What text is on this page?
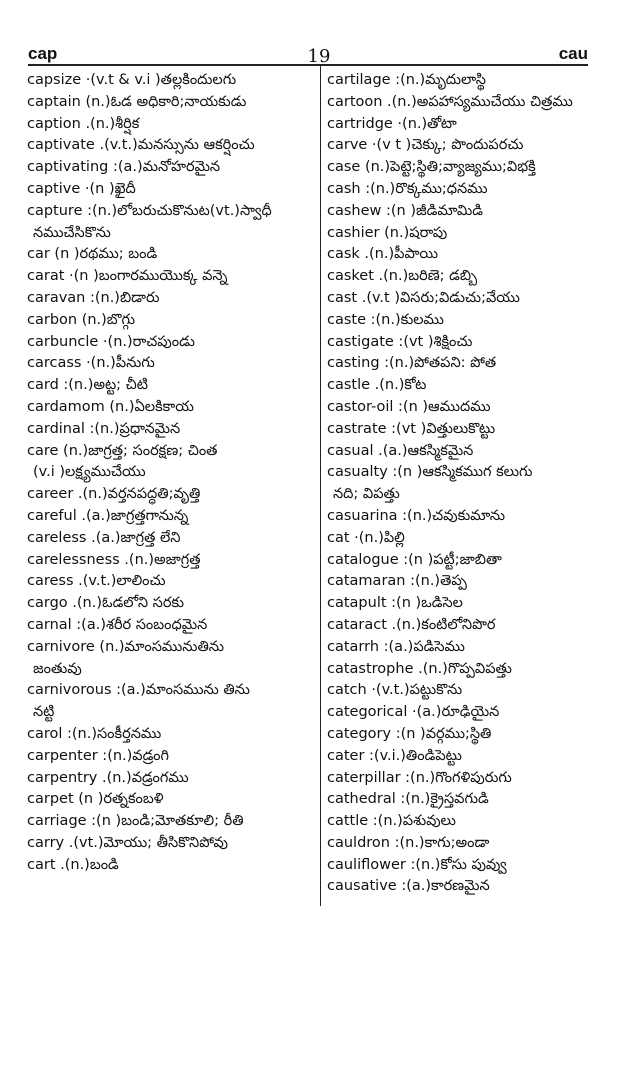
cap	19	cau
capsize ·(v.t & v.i )తల్లకిందులగు
captain (n.)ఓడ అధికారి;నాయకుడు
caption .(n.)శీర్షిక
captivate .(v.t.)మనస్సును ఆకర్షించు
captivating :(a.)మనోహరమైన
captive ·(n )ఖైదీ
capture :(n.)లోబరుచుకొనుట(vt.)స్వాధీ
నముచేసికొను
car (n )రథము; బండి
carat ·(n )బంగారముయొక్క వన్నె
caravan :(n.)బిడారు
carbon (n.)బొగ్గు
carbuncle ·(n.)రాచపుండు
carcass ·(n.)పీనుగు
card :(n.)అట్ట; చీటి
cardamom (n.)ఏలకికాయ
cardinal :(n.)ప్రధానమైన
care (n.)జాగ్రత్త; సంరక్షణ; చింత
(v.i )లక్ష్యముచేయు
career .(n.)వర్తనపద్ధతి;వృత్తి
careful .(a.)జాగ్రత్తగానున్న
careless .(a.)జాగ్రత్త లేని
carelessness .(n.)అజాగ్రత్త
caress .(v.t.)లాలించు
cargo .(n.)ఓడలోని సరకు
carnal :(a.)శరీర సంబంధమైన
carnivore (n.)మాంసమునుతిను
జంతువు
carnivorous :(a.)మాంసమును తిను
నట్టి
carol :(n.)సంకీర్తనము
carpenter :(n.)వడ్రంగి
carpentry .(n.)వడ్రంగము
carpet (n )రత్నకంబళి
carriage :(n )బండి;మోతకూలి; రీతి
carry .(vt.)మోయు; తీసికొనిపోవు
cart .(n.)బండి
cartilage :(n.)మృదులాస్థి
cartoon .(n.)అపహాస్యముచేయు చిత్రము
cartridge ·(n.)తోటా
carve ·(v t )చెక్కు; పొందుపరచు
case (n.)పెట్టె;స్థితి;వ్యాజ్యము;విభక్తి
cash :(n.)రొక్కము;ధనము
cashew :(n )జీడిమామిడి
cashier (n.)షరాపు
cask .(n.)పీపాయి
casket .(n.)బరిణె; డబ్బి
cast .(v.t )విసరు;విడుచు;వేయు
caste :(n.)కులము
castigate :(vt )శిక్షించు
casting :(n.)పోతపని: పోత
castle .(n.)కోట
castor-oil :(n )ఆముదము
castrate :(vt )విత్తులుకొట్టు
casual .(a.)ఆకస్మికమైన
casualty :(n )ఆకస్మికముగ కలుగు
నది; విపత్తు
casuarina :(n.)చవుకుమాను
cat ·(n.)పిల్లి
catalogue :(n )పట్టీ;జాబితా
catamaran :(n.)తెప్ప
catapult :(n )ఒడిసెల
cataract .(n.)కంటిలోనిపొర
catarrh :(a.)పడిసెము
catastrophe .(n.)గొప్పవిపత్తు
catch ·(v.t.)పట్టుకొను
categorical ·(a.)రూఢియైన
category :(n )వర్గము;స్థితి
cater :(v.i.)తిండిపెట్టు
caterpillar :(n.)గొంగళిపురుగు
cathedral :(n.)క్రైస్తవగుడి
cattle :(n.)పశువులు
cauldron :(n.)కాగు;అండా
cauliflower :(n.)కోసు పువ్వు
causative :(a.)కారణమైన
